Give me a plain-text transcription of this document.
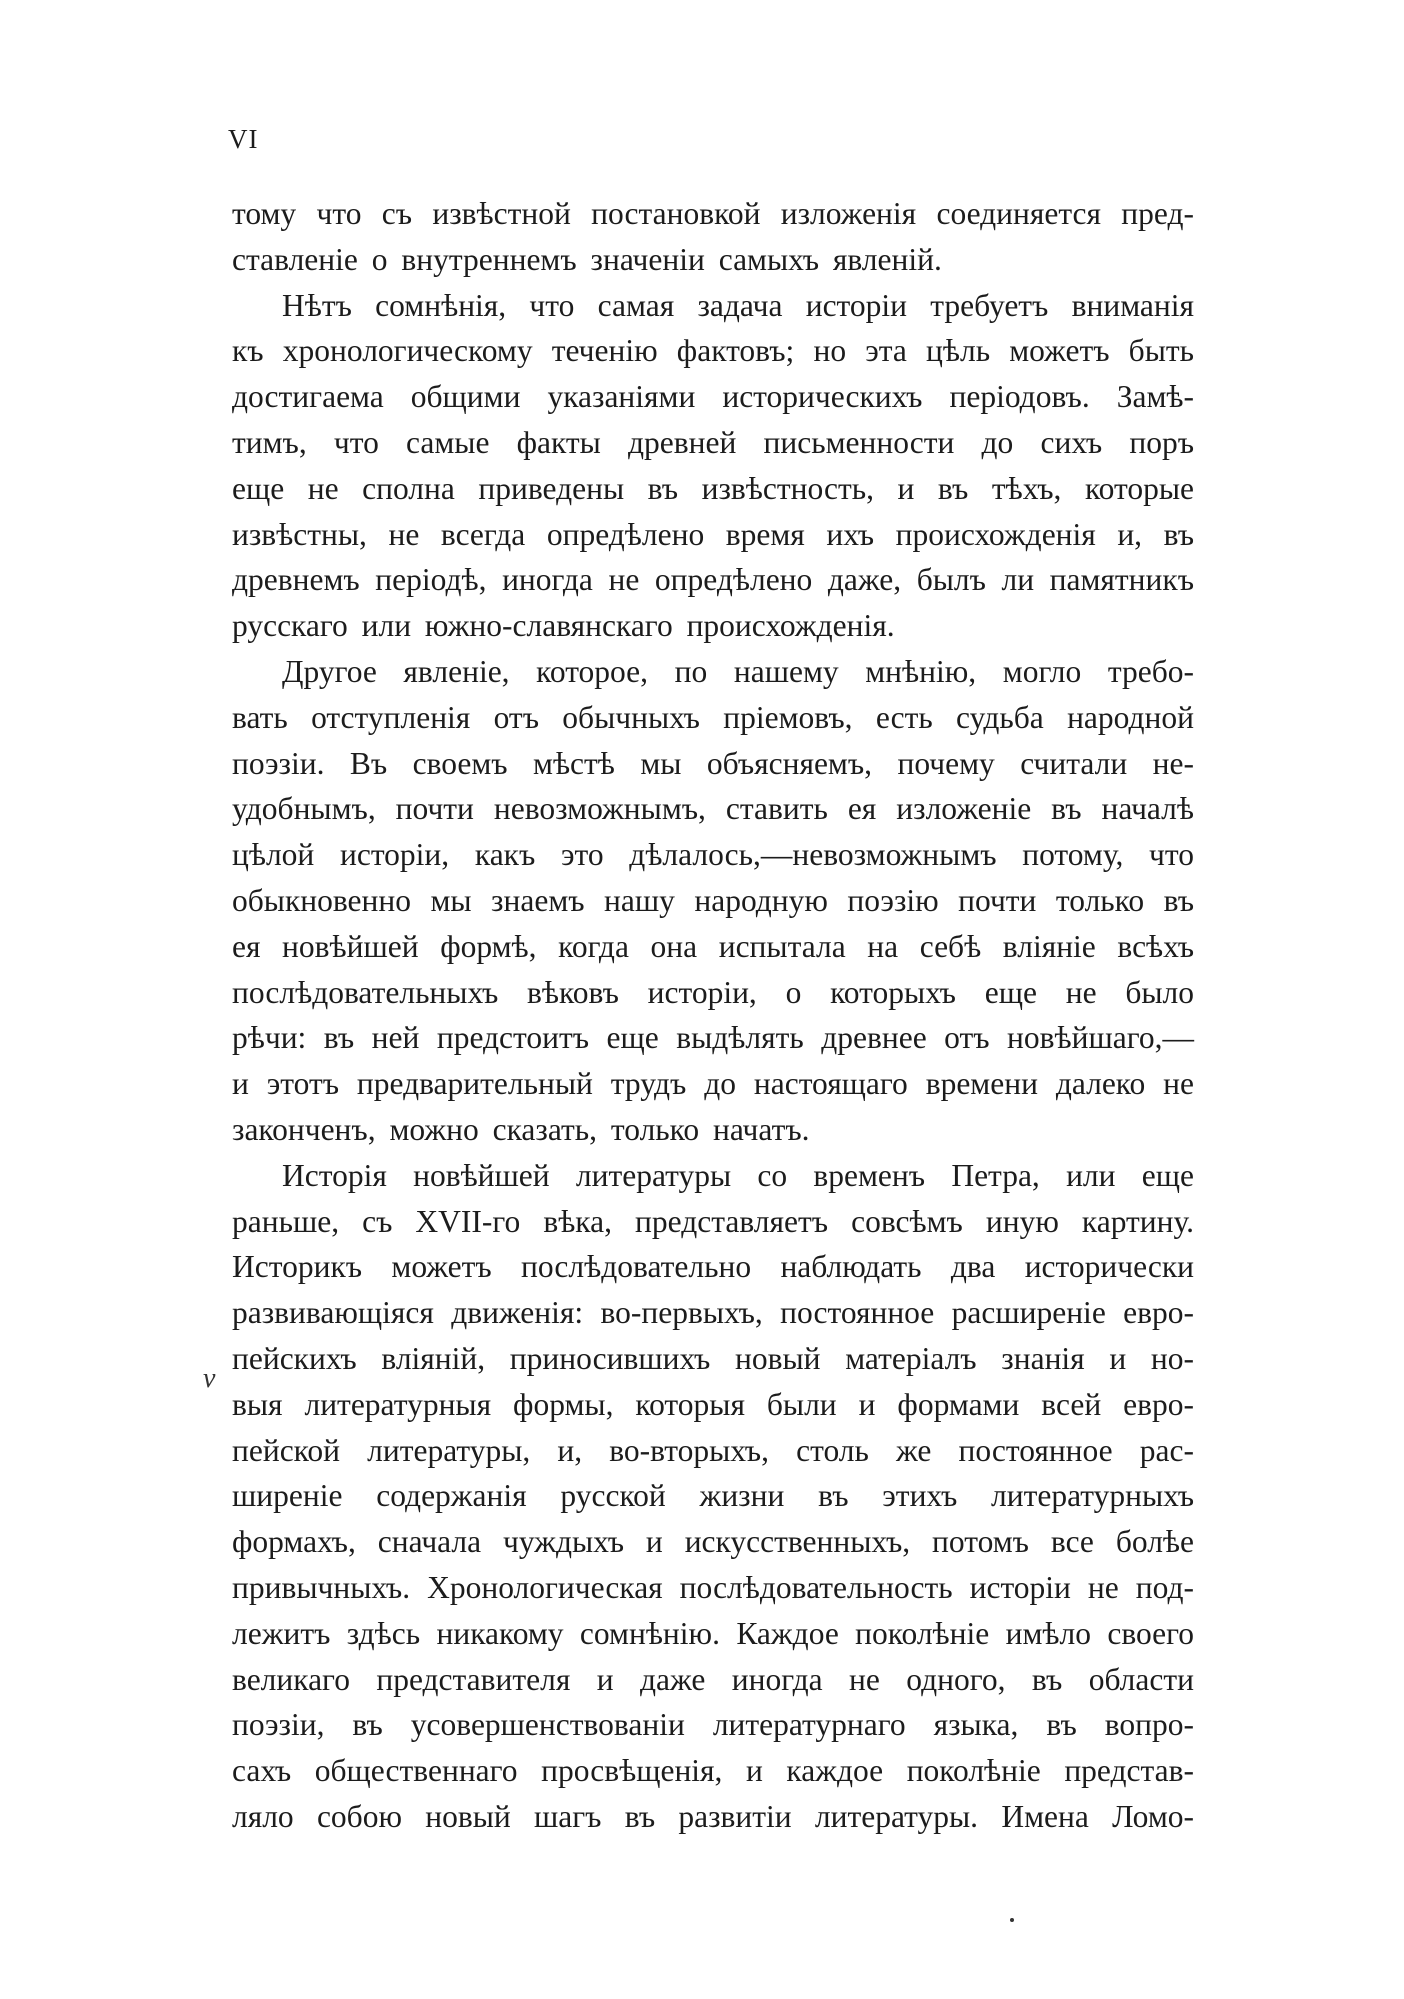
VI
v
тому что съ извѣстной постановкой изложенія соединяется пред-
ставленіе о внутреннемъ значеніи самыхъ явленій.
Нѣтъ сомнѣнія, что самая задача исторіи требуетъ вниманія
къ хронологическому теченію фактовъ; но эта цѣль можетъ быть
достигаема общими указаніями историческихъ періодовъ. Замѣ-
тимъ, что самые факты древней письменности до сихъ поръ
еще не сполна приведены въ извѣстность, и въ тѣхъ, которые
извѣстны, не всегда опредѣлено время ихъ происхожденія и, въ
древнемъ періодѣ, иногда не опредѣлено даже, былъ ли памятникъ
русскаго или южно-славянскаго происхожденія.
Другое явленіе, которое, по нашему мнѣнію, могло требо-
вать отступленія отъ обычныхъ пріемовъ, есть судьба народной
поэзіи. Въ своемъ мѣстѣ мы объясняемъ, почему считали не-
удобнымъ, почти невозможнымъ, ставить ея изложеніе въ началѣ
цѣлой исторіи, какъ это дѣлалось,—невозможнымъ потому, что
обыкновенно мы знаемъ нашу народную поэзію почти только въ
ея новѣйшей формѣ, когда она испытала на себѣ вліяніе всѣхъ
послѣдовательныхъ вѣковъ исторіи, о которыхъ еще не было
рѣчи: въ ней предстоитъ еще выдѣлять древнее отъ новѣйшаго,—
и этотъ предварительный трудъ до настоящаго времени далеко не
законченъ, можно сказать, только начатъ.
Исторія новѣйшей литературы со временъ Петра, или еще
раньше, съ XVII-го вѣка, представляетъ совсѣмъ иную картину.
Историкъ можетъ послѣдовательно наблюдать два исторически
развивающіяся движенія: во-первыхъ, постоянное расширеніе евро-
пейскихъ вліяній, приносившихъ новый матеріалъ знанія и но-
выя литературныя формы, которыя были и формами всей евро-
пейской литературы, и, во-вторыхъ, столь же постоянное рас-
ширеніе содержанія русской жизни въ этихъ литературныхъ
формахъ, сначала чуждыхъ и искусственныхъ, потомъ все болѣе
привычныхъ. Хронологическая послѣдовательность исторіи не под-
лежитъ здѣсь никакому сомнѣнію. Каждое поколѣніе имѣло своего
великаго представителя и даже иногда не одного, въ области
поэзіи, въ усовершенствованіи литературнаго языка, въ вопро-
сахъ общественнаго просвѣщенія, и каждое поколѣніе представ-
ляло собою новый шагъ въ развитіи литературы. Имена Ломо-
